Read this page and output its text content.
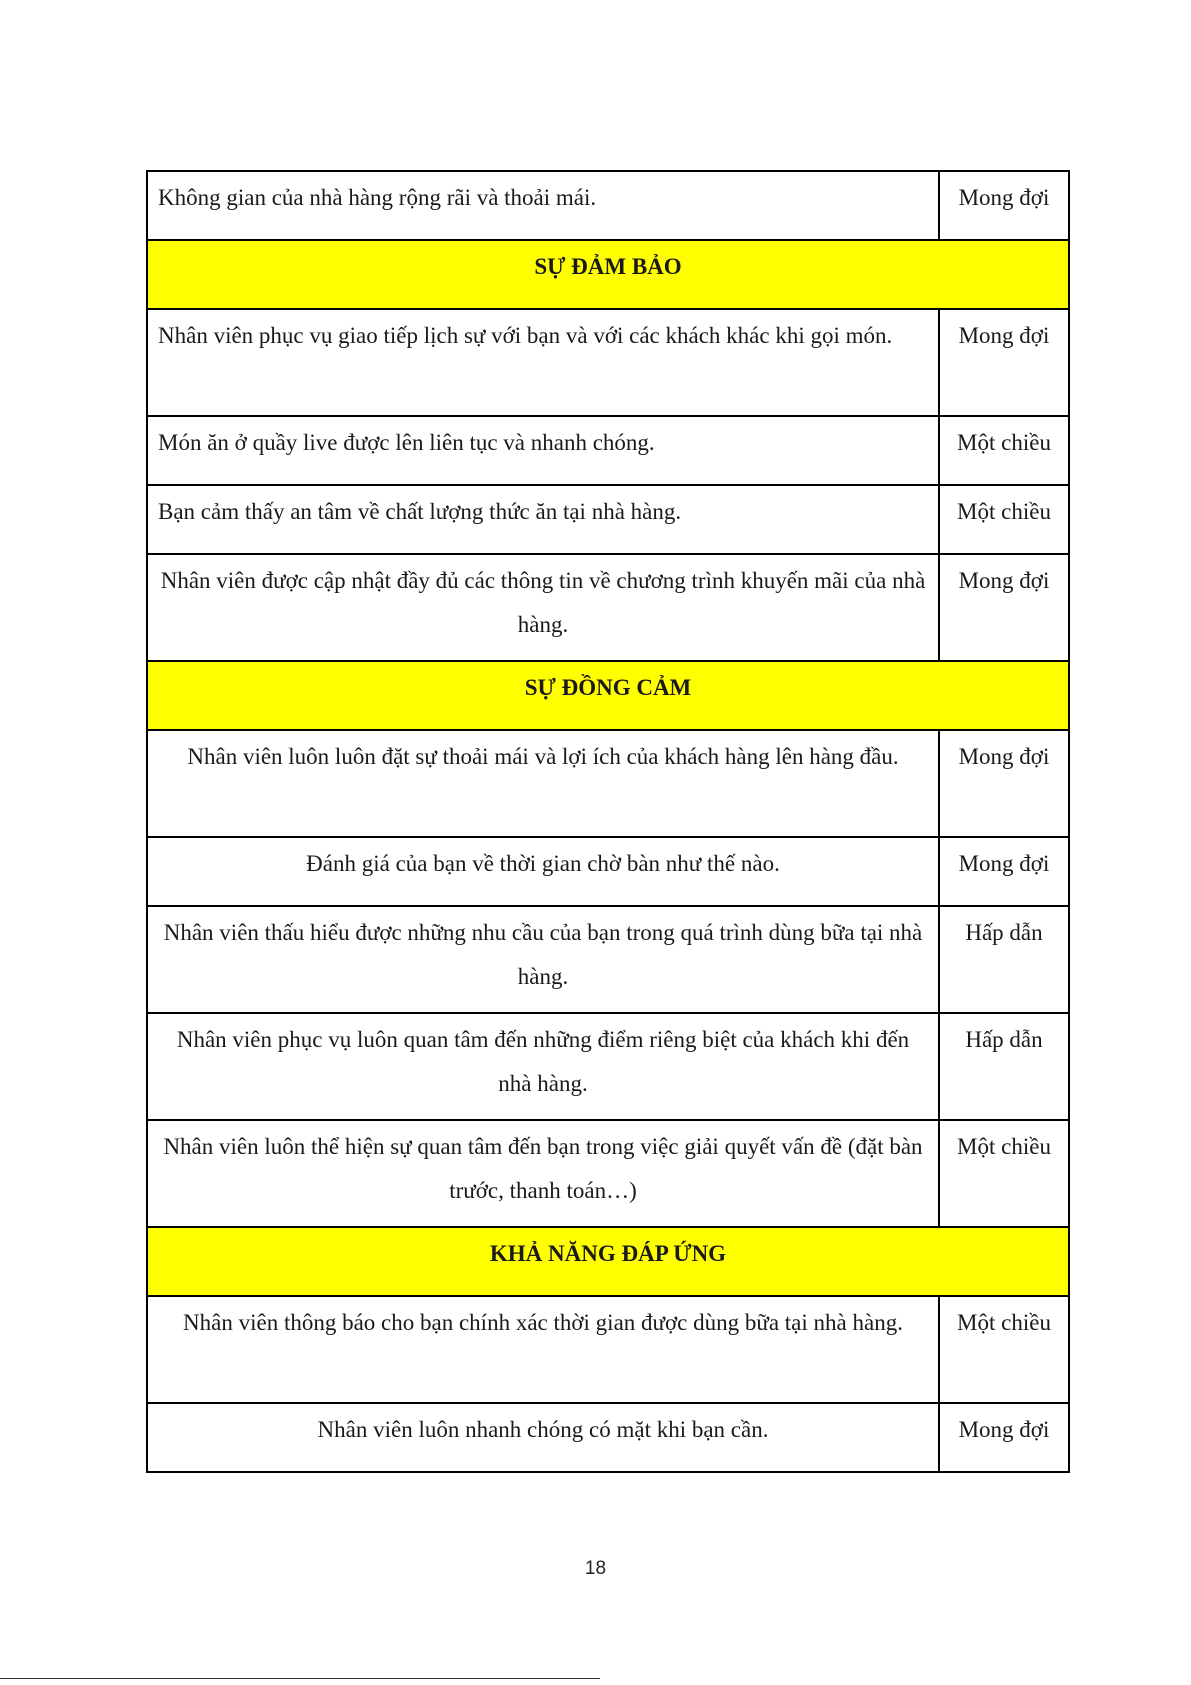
Không gian của nhà hàng rộng rãi và thoải mái.	Mong đợi
SỰ ĐẢM BẢO	
Nhân viên phục vụ giao tiếp lịch sự với bạn và với các khách khác khi gọi món.	Mong đợi
Món ăn ở quầy live được lên liên tục và nhanh chóng.	Một chiều
Bạn cảm thấy an tâm về chất lượng thức ăn tại nhà hàng.	Một chiều
Nhân viên được cập nhật đầy đủ các thông tin về chương trình khuyến mãi của nhà hàng.	Mong đợi
SỰ ĐỒNG CẢM	
Nhân viên luôn luôn đặt sự thoải mái và lợi ích của khách hàng lên hàng đầu.	Mong đợi
Đánh giá của bạn về thời gian chờ bàn như thế nào.	Mong đợi
Nhân viên thấu hiểu được những nhu cầu của bạn trong quá trình dùng bữa tại nhà hàng.	Hấp dẫn
Nhân viên phục vụ luôn quan tâm đến những điểm riêng biệt của khách khi đến nhà hàng.	Hấp dẫn
Nhân viên luôn thể hiện sự quan tâm đến bạn trong việc giải quyết vấn đề (đặt bàn trước, thanh toán…)	Một chiều
KHẢ NĂNG ĐÁP ỨNG	
Nhân viên thông báo cho bạn chính xác thời gian được dùng bữa tại nhà hàng.	Một chiều
Nhân viên luôn nhanh chóng có mặt khi bạn cần.	Mong đợi
18
